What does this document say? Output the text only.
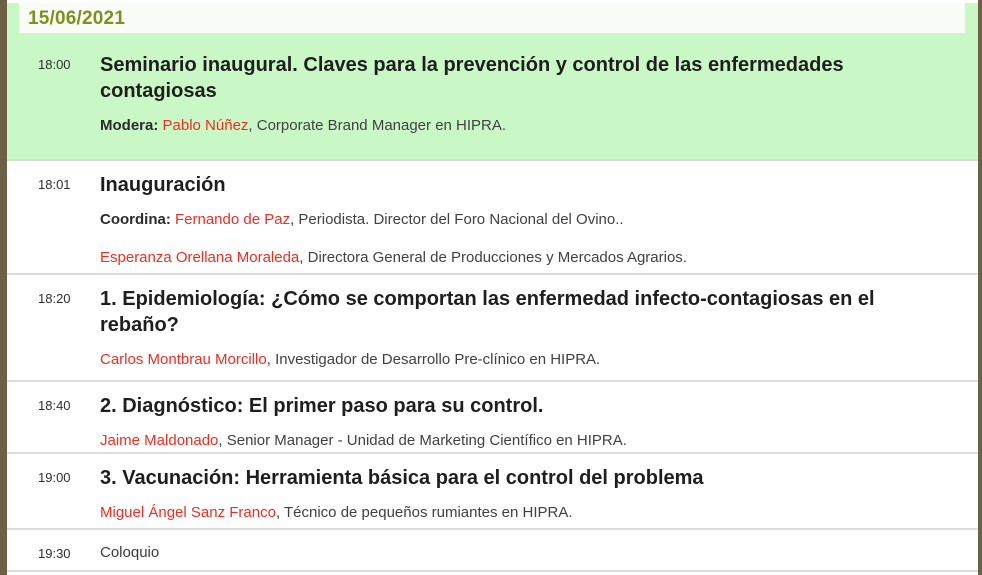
15/06/2021
18:00	Seminario inaugural. Claves para la prevención y control de las enfermedades contagiosas

Modera: Pablo Núñez, Corporate Brand Manager en HIPRA.

18:01	Inauguración

Coordina: Fernando de Paz, Periodista. Director del Foro Nacional del Ovino..

Esperanza Orellana Moraleda, Directora General de Producciones y Mercados Agrarios.

18:20	1. Epidemiología: ¿Cómo se comportan las enfermedad infecto-contagiosas en el rebaño?

Carlos Montbrau Morcillo, Investigador de Desarrollo Pre-clínico en HIPRA.

18:40	2. Diagnóstico: El primer paso para su control.

Jaime Maldonado, Senior Manager - Unidad de Marketing Científico en HIPRA.

19:00	3. Vacunación: Herramienta básica para el control del problema

Miguel Ángel Sanz Franco, Técnico de pequeños rumiantes en HIPRA.

19:30	Coloquio
